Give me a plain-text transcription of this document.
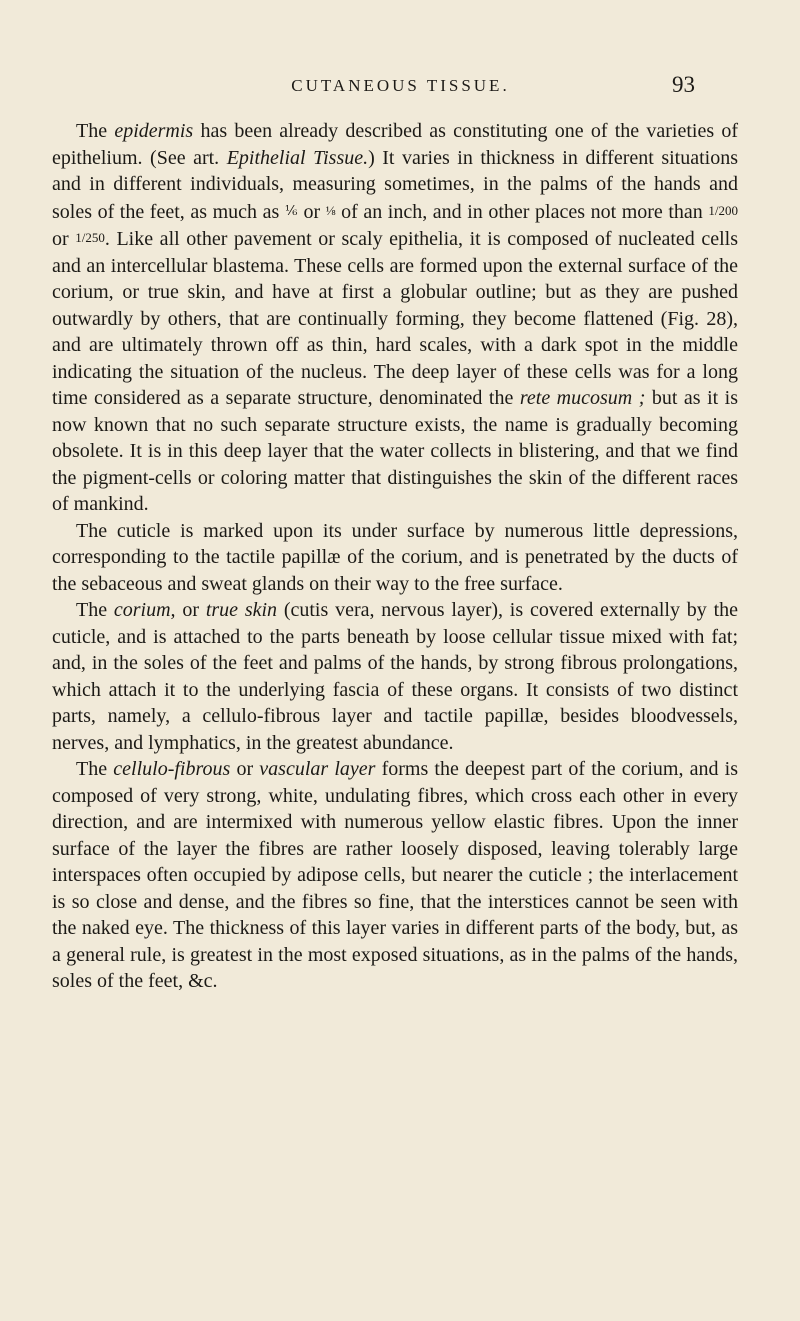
CUTANEOUS TISSUE.	93

The epidermis has been already described as constituting one of the varieties of epithelium. (See art. Epithelial Tissue.) It varies in thickness in different situations and in different individuals, measuring sometimes, in the palms of the hands and soles of the feet, as much as ⅙ or ⅛ of an inch, and in other places not more than 1/200 or 1/250. Like all other pavement or scaly epithelia, it is composed of nucleated cells and an intercellular blastema. These cells are formed upon the external surface of the corium, or true skin, and have at first a globular outline; but as they are pushed outwardly by others, that are continually forming, they become flattened (Fig. 28), and are ultimately thrown off as thin, hard scales, with a dark spot in the middle indicating the situation of the nucleus. The deep layer of these cells was for a long time considered as a separate structure, denominated the rete mucosum ; but as it is now known that no such separate structure exists, the name is gradually becoming obsolete. It is in this deep layer that the water collects in blistering, and that we find the pigment-cells or coloring matter that distinguishes the skin of the different races of mankind.

The cuticle is marked upon its under surface by numerous little depressions, corresponding to the tactile papillæ of the corium, and is penetrated by the ducts of the sebaceous and sweat glands on their way to the free surface.

The corium, or true skin (cutis vera, nervous layer), is covered externally by the cuticle, and is attached to the parts beneath by loose cellular tissue mixed with fat; and, in the soles of the feet and palms of the hands, by strong fibrous prolongations, which attach it to the underlying fascia of these organs. It consists of two distinct parts, namely, a cellulo-fibrous layer and tactile papillæ, besides bloodvessels, nerves, and lymphatics, in the greatest abundance.

The cellulo-fibrous or vascular layer forms the deepest part of the corium, and is composed of very strong, white, undulating fibres, which cross each other in every direction, and are intermixed with numerous yellow elastic fibres. Upon the inner surface of the layer the fibres are rather loosely disposed, leaving tolerably large interspaces often occupied by adipose cells, but nearer the cuticle ; the interlacement is so close and dense, and the fibres so fine, that the interstices cannot be seen with the naked eye. The thickness of this layer varies in different parts of the body, but, as a general rule, is greatest in the most exposed situations, as in the palms of the hands, soles of the feet, &c.
